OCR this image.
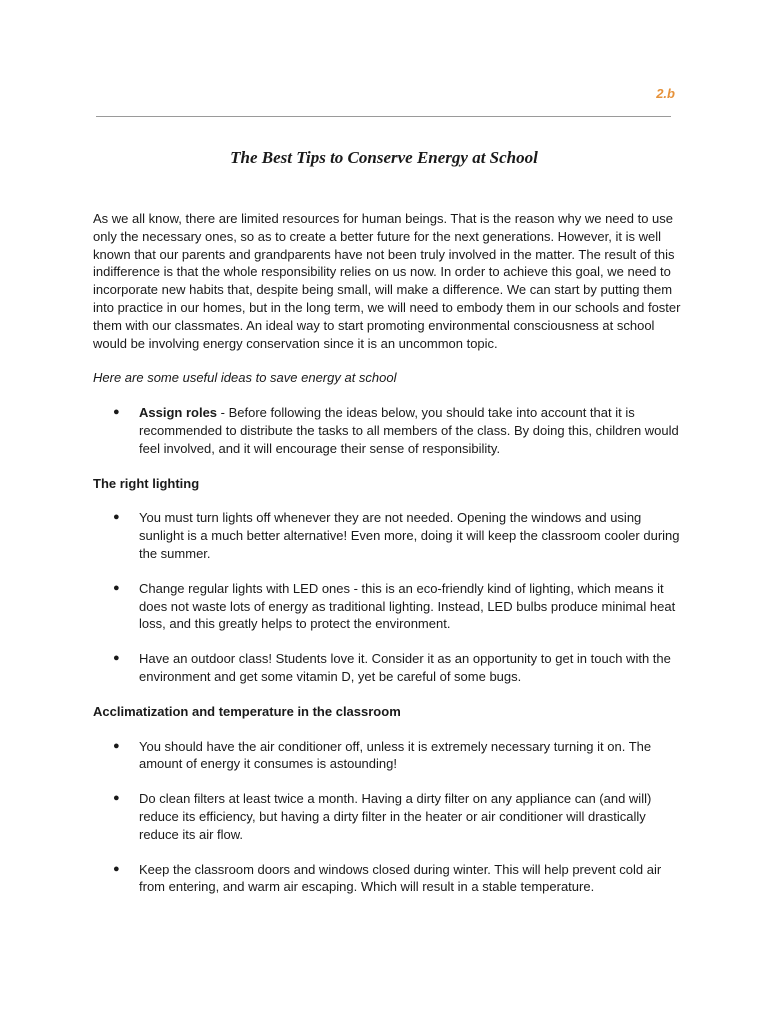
2.b
The Best Tips to Conserve Energy at School

As we all know, there are limited resources for human beings. That is the reason why we need to use only the necessary ones, so as to create a better future for the next generations. However, it is well known that our parents and grandparents have not been truly involved in the matter. The result of this indifference is that the whole responsibility relies on us now. In order to achieve this goal, we need to incorporate new habits that, despite being small, will make a difference. We can start by putting them into practice in our homes, but in the long term, we will need to embody them in our schools and foster them with our classmates. An ideal way to start promoting environmental consciousness at school would be involving energy conservation since it is an uncommon topic.

Here are some useful ideas to save energy at school

● Assign roles - Before following the ideas below, you should take into account that it is recommended to distribute the tasks to all members of the class. By doing this, children would feel involved, and it will encourage their sense of responsibility.

The right lighting

● You must turn lights off whenever they are not needed. Opening the windows and using sunlight is a much better alternative! Even more, doing it will keep the classroom cooler during the summer.
● Change regular lights with LED ones - this is an eco-friendly kind of lighting, which means it does not waste lots of energy as traditional lighting. Instead, LED bulbs produce minimal heat loss, and this greatly helps to protect the environment.
● Have an outdoor class! Students love it. Consider it as an opportunity to get in touch with the environment and get some vitamin D, yet be careful of some bugs.

Acclimatization and temperature in the classroom

● You should have the air conditioner off, unless it is extremely necessary turning it on. The amount of energy it consumes is astounding!
● Do clean filters at least twice a month. Having a dirty filter on any appliance can (and will) reduce its efficiency, but having a dirty filter in the heater or air conditioner will drastically reduce its air flow.
● Keep the classroom doors and windows closed during winter. This will help prevent cold air from entering, and warm air escaping. Which will result in a stable temperature.
